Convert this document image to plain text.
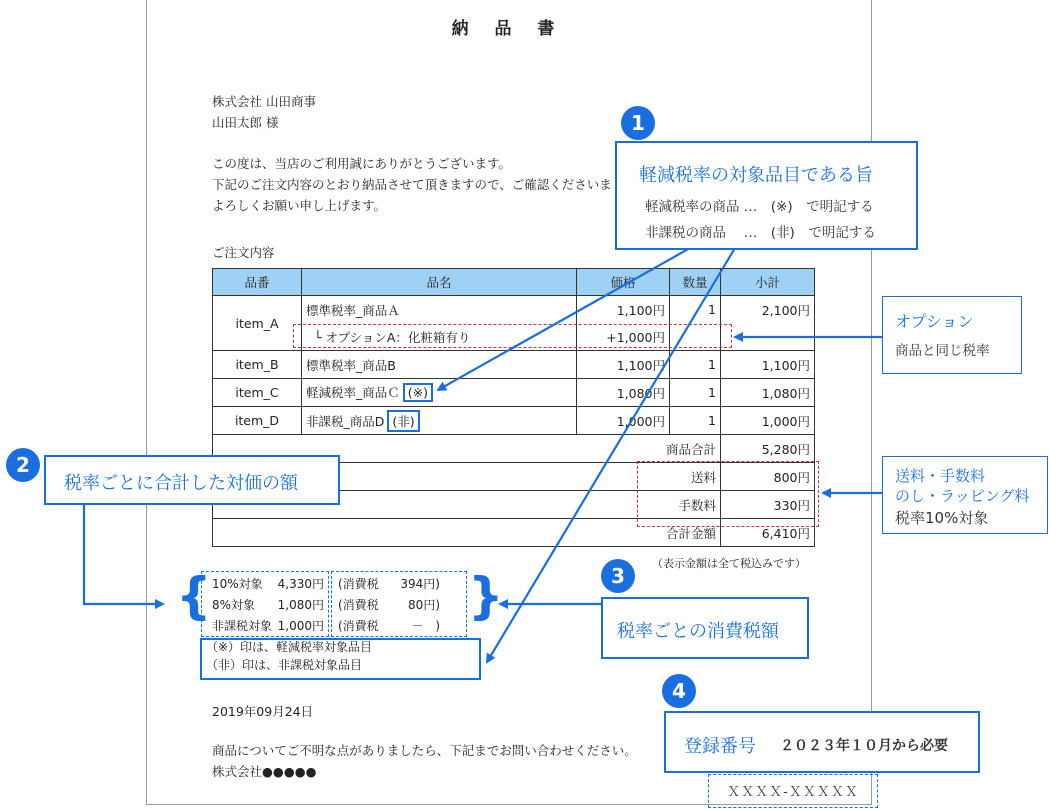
納 品 書
株式会社 山田商事
山田太郎 様
この度は、当店のご利用誠にありがとうございます。
下記のご注文内容のとおり納品させて頂きますので、ご確認くださいま
よろしくお願い申し上げます。
ご注文内容
品番	品名	価格	数量	小計
item_A	標準税率_商品Ａ	1,100円	1	2,100円
	└ オプションA：化粧箱有り	+1,000円		
item_B	標準税率_商品B	1,100円	1	1,100円
item_C	軽減税率_商品Ｃ (※)	1,080円	1	1,080円
item_D	非課税_商品D (非)	1,000円	1	1,000円
商品合計				5,280円
送料				800円
手数料				330円
合計金額				6,410円
（表示金額は全て税込みです）
{	}
10%対象	4,330円 (消費税	394円)
8%対象	1,080円 (消費税	80円)
非課税対象 1,000円 (消費税	－　)
（※）印は、軽減税率対象品目
（非）印は、非課税対象品目
2019年09月24日
商品についてご不明な点がありましたら、下記までお問い合わせください。
株式会社●●●●●
1
軽減税率の対象品目である旨
軽減税率の商品 …　(※)　で明記する
非課税の商品　 …　(非)　で明記する
オプション
商品と同じ税率
送料・手数料
のし・ラッピング料
税率10%対象
2
税率ごとに合計した対価の額
3
税率ごとの消費税額
4
登録番号 ２０２３年１０月から必要
ＸＸＸＸ-ＸＸＸＸＸ
